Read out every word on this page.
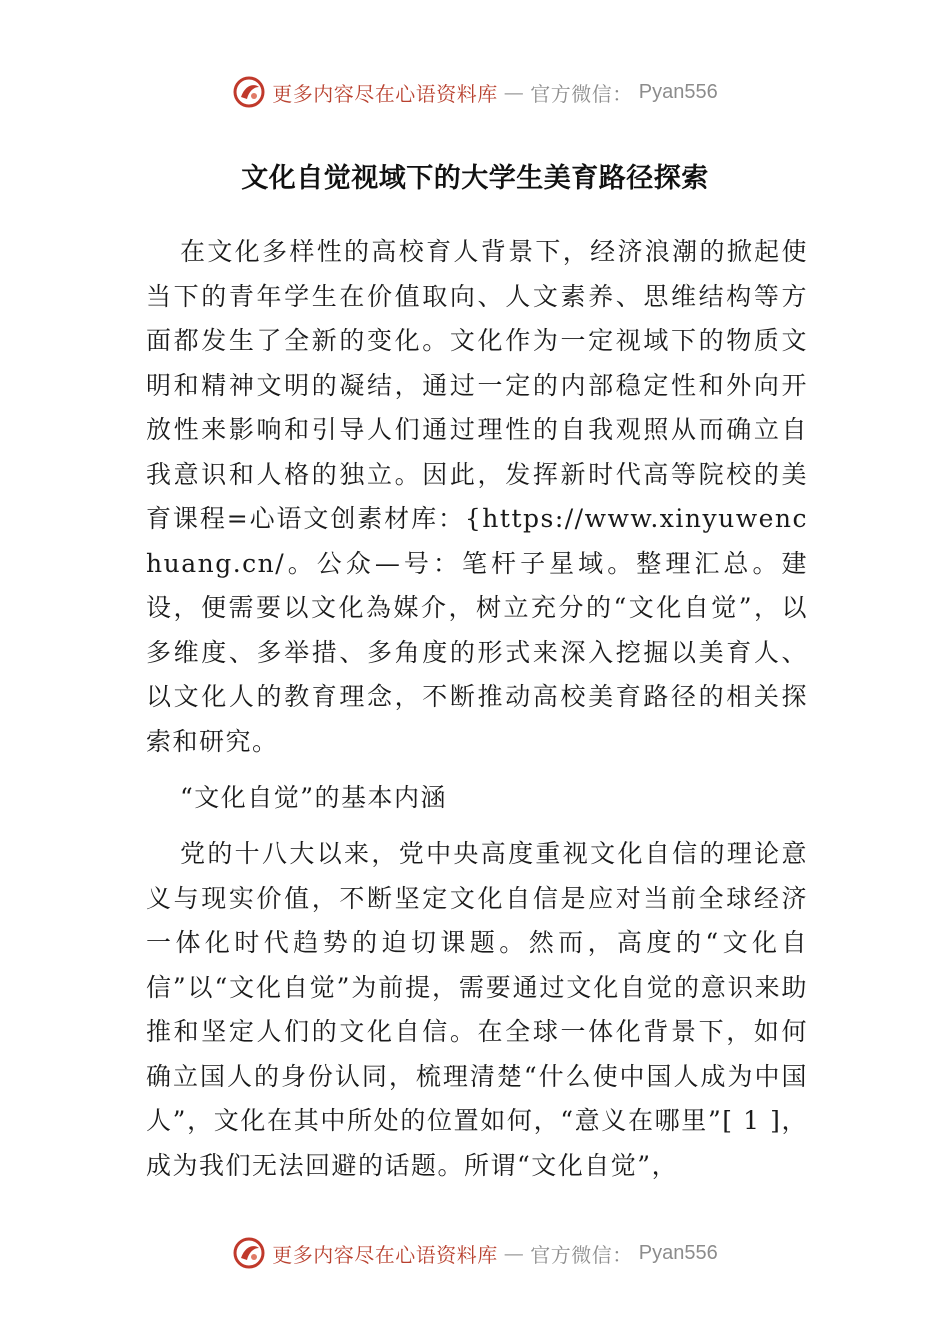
更多内容尽在心语资料库 — 官方微信： Pyan556
文化自觉视域下的大学生美育路径探索

在文化多样性的高校育人背景下，经济浪潮的掀起使当下的青年学生在价值取向、人文素养、思维结构等方面都发生了全新的变化。文化作为一定视域下的物质文明和精神文明的凝结，通过一定的内部稳定性和外向开放性来影响和引导人们通过理性的自我观照从而确立自我意识和人格的独立。因此，发挥新时代高等院校的美育课程=心语文创素材库：{https://www.xinyuwenchuang.cn/。公众—号：笔杆子星域。整理汇总。建设，便需要以文化為媒介，树立充分的“文化自觉”，以多维度、多举措、多角度的形式来深入挖掘以美育人、以文化人的教育理念，不断推动高校美育路径的相关探索和研究。

“文化自觉”的基本内涵

党的十八大以来，党中央高度重视文化自信的理论意义与现实价值，不断坚定文化自信是应对当前全球经济一体化时代趋势的迫切课题。然而，高度的“文化自信”以“文化自觉”为前提，需要通过文化自觉的意识来助推和坚定人们的文化自信。在全球一体化背景下，如何确立国人的身份认同，梳理清楚“什么使中国人成为中国人”，文化在其中所处的位置如何，“意义在哪里”[ 1 ]，成为我们无法回避的话题。所谓“文化自觉”，

更多内容尽在心语资料库 — 官方微信： Pyan556
